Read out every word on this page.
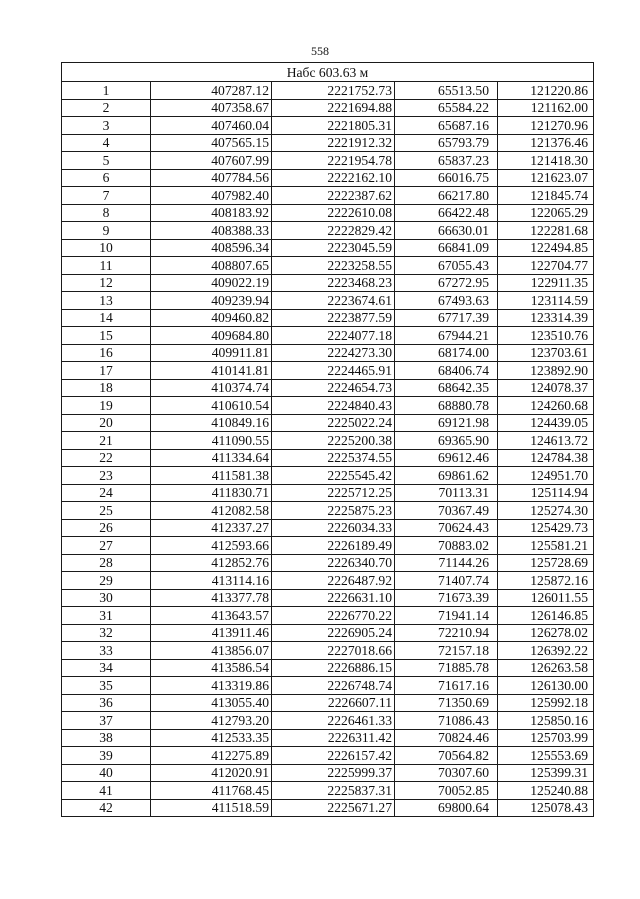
558
Набс 603.63 м				
1	407287.12	2221752.73	65513.50	121220.86
2	407358.67	2221694.88	65584.22	121162.00
3	407460.04	2221805.31	65687.16	121270.96
4	407565.15	2221912.32	65793.79	121376.46
5	407607.99	2221954.78	65837.23	121418.30
6	407784.56	2222162.10	66016.75	121623.07
7	407982.40	2222387.62	66217.80	121845.74
8	408183.92	2222610.08	66422.48	122065.29
9	408388.33	2222829.42	66630.01	122281.68
10	408596.34	2223045.59	66841.09	122494.85
11	408807.65	2223258.55	67055.43	122704.77
12	409022.19	2223468.23	67272.95	122911.35
13	409239.94	2223674.61	67493.63	123114.59
14	409460.82	2223877.59	67717.39	123314.39
15	409684.80	2224077.18	67944.21	123510.76
16	409911.81	2224273.30	68174.00	123703.61
17	410141.81	2224465.91	68406.74	123892.90
18	410374.74	2224654.73	68642.35	124078.37
19	410610.54	2224840.43	68880.78	124260.68
20	410849.16	2225022.24	69121.98	124439.05
21	411090.55	2225200.38	69365.90	124613.72
22	411334.64	2225374.55	69612.46	124784.38
23	411581.38	2225545.42	69861.62	124951.70
24	411830.71	2225712.25	70113.31	125114.94
25	412082.58	2225875.23	70367.49	125274.30
26	412337.27	2226034.33	70624.43	125429.73
27	412593.66	2226189.49	70883.02	125581.21
28	412852.76	2226340.70	71144.26	125728.69
29	413114.16	2226487.92	71407.74	125872.16
30	413377.78	2226631.10	71673.39	126011.55
31	413643.57	2226770.22	71941.14	126146.85
32	413911.46	2226905.24	72210.94	126278.02
33	413856.07	2227018.66	72157.18	126392.22
34	413586.54	2226886.15	71885.78	126263.58
35	413319.86	2226748.74	71617.16	126130.00
36	413055.40	2226607.11	71350.69	125992.18
37	412793.20	2226461.33	71086.43	125850.16
38	412533.35	2226311.42	70824.46	125703.99
39	412275.89	2226157.42	70564.82	125553.69
40	412020.91	2225999.37	70307.60	125399.31
41	411768.45	2225837.31	70052.85	125240.88
42	411518.59	2225671.27	69800.64	125078.43
